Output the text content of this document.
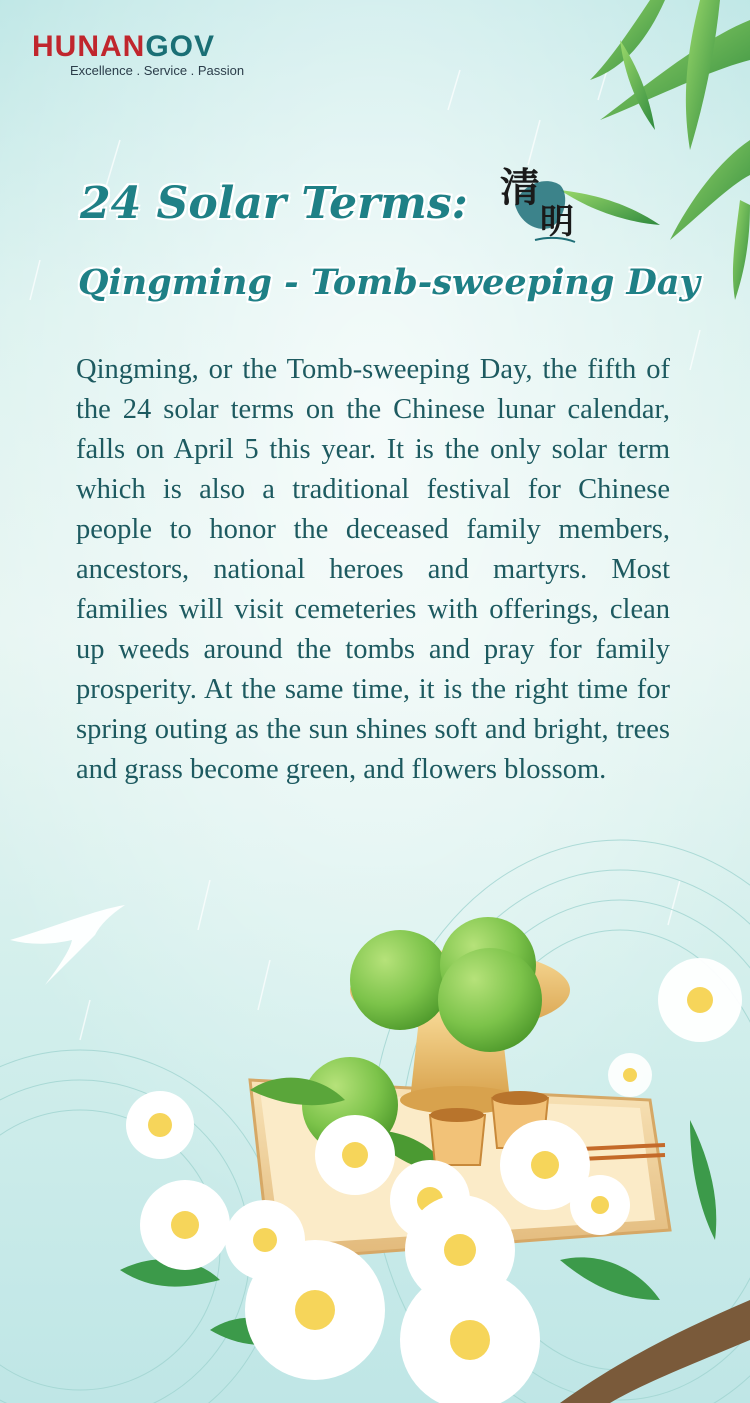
HUNANGOV
Excellence . Service . Passion
24 Solar Terms: 清
明
Qingming - Tomb-sweeping Day

Qingming, or the Tomb-sweeping Day, the fifth of the 24 solar terms on the Chinese lunar calendar, falls on April 5 this year. It is the only solar term which is also a traditional festival for Chinese people to honor the deceased family members, ancestors, national heroes and martyrs. Most families will visit cemeteries with offerings, clean up weeds around the tombs and pray for family prosperity. At the same time, it is the right time for spring outing as the sun shines soft and bright, trees and grass become green, and flowers blossom.
